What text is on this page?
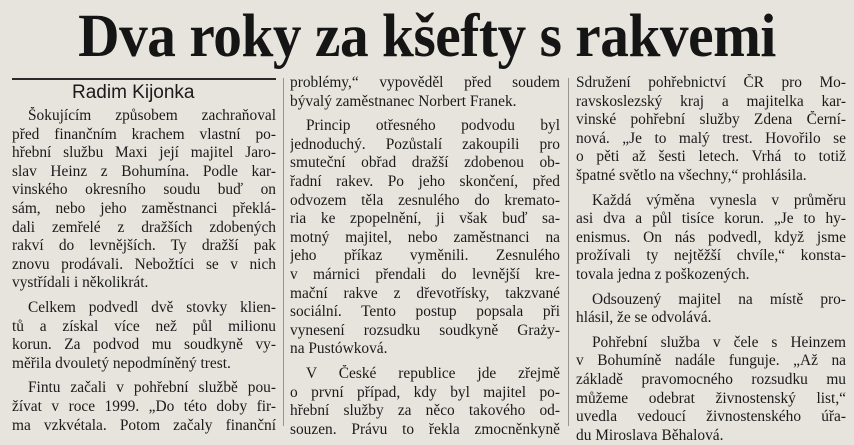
Dva roky za kšefty s rakvemi
Radim Kijonka
Šokujícím způsobem zachraňoval
před finančním krachem vlastní po-
hřební službu Maxi její majitel Jaro-
slav Heinz z Bohumína. Podle kar-
vinského okresního soudu buď on
sám, nebo jeho zaměstnanci překlá-
dali zemřelé z dražších zdobených
rakví do levnějších. Ty dražší pak
znovu prodávali. Nebožtíci se v nich
vystřídali i několikrát.
Celkem podvedl dvě stovky klien-
tů a získal více než půl milionu
korun. Za podvod mu soudkyně vy-
měřila dvouletý nepodmíněný trest.
Fintu začali v pohřební službě pou-
žívat v roce 1999. „Do této doby fir-
ma vzkvétala. Potom začaly finanční
problémy,“ vypověděl před soudem
bývalý zaměstnanec Norbert Franek.
Princip otřesného podvodu byl
jednoduchý. Pozůstalí zakoupili pro
smuteční obřad dražší zdobenou ob-
řadní rakev. Po jeho skončení, před
odvozem těla zesnulého do kremato-
ria ke zpopelnění, ji však buď sa-
motný majitel, nebo zaměstnanci na
jeho příkaz vyměnili. Zesnulého
v márnici přendali do levnější kre-
mační rakve z dřevotřísky, takzvané
sociální. Tento postup popsala při
vynesení rozsudku soudkyně Graży-
na Pustówková.
V České republice jde zřejmě
o první případ, kdy byl majitel po-
hřební služby za něco takového od-
souzen. Právu to řekla zmocněnkyně
Sdružení pohřebnictví ČR pro Mo-
ravskoslezský kraj a majitelka kar-
vinské pohřební služby Zdena Černí-
nová. „Je to malý trest. Hovořilo se
o pěti až šesti letech. Vrhá to totiž
špatné světlo na všechny,“ prohlásila.
Každá výměna vynesla v průměru
asi dva a půl tisíce korun. „Je to hy-
enismus. On nás podvedl, když jsme
prožívali ty nejtěžší chvíle,“ konsta-
tovala jedna z poškozených.
Odsouzený majitel na místě pro-
hlásil, že se odvolává.
Pohřební služba v čele s Heinzem
v Bohumíně nadále funguje. „Až na
základě pravomocného rozsudku mu
můžeme odebrat živnostenský list,“
uvedla vedoucí živnostenského úřa-
du Miroslava Běhalová.
